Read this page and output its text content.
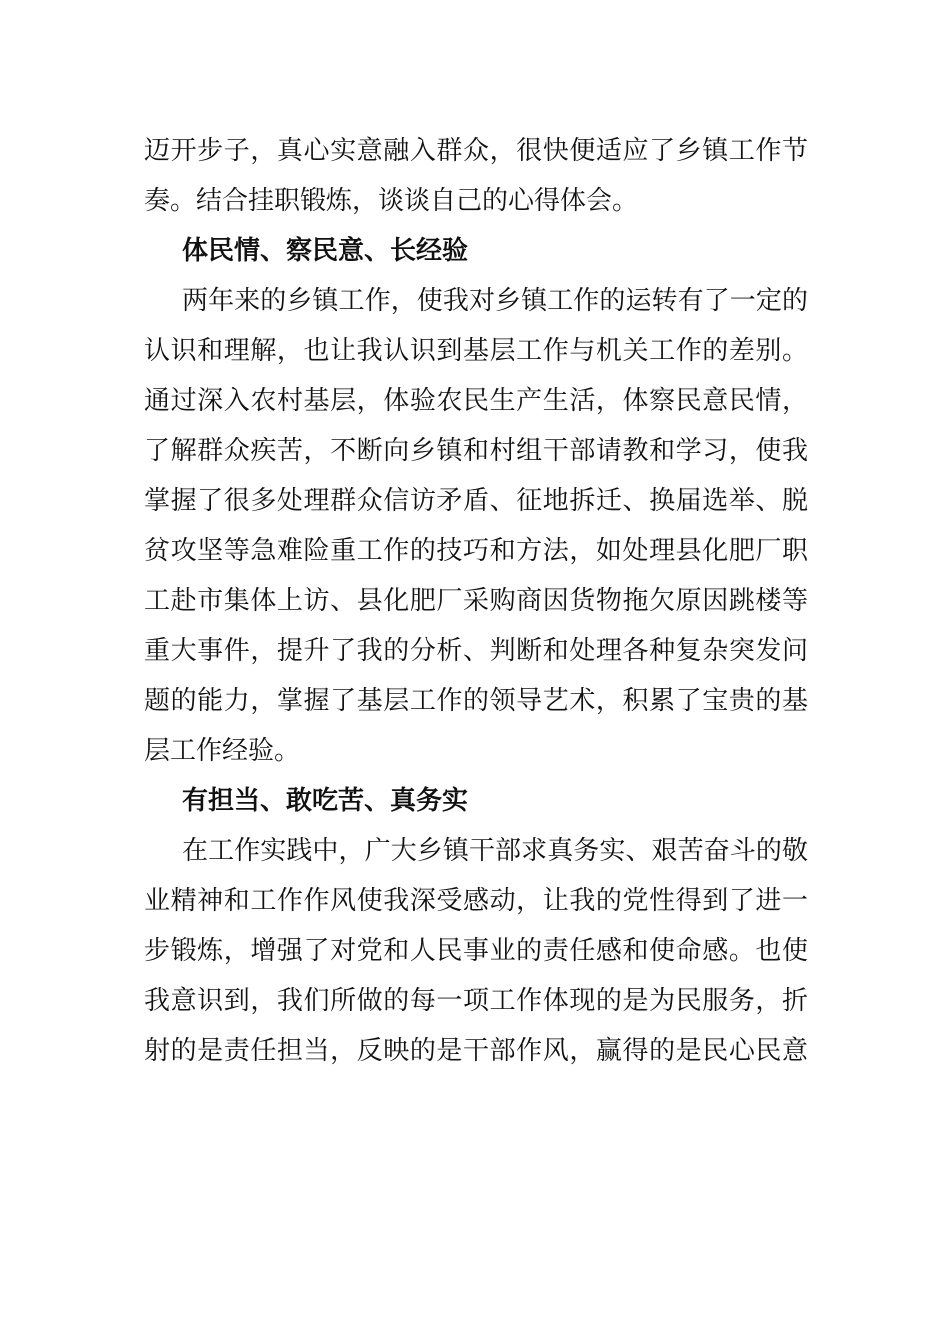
迈开步子，真心实意融入群众，很快便适应了乡镇工作节
奏。结合挂职锻炼，谈谈自己的心得体会。
体民情、察民意、长经验
两年来的乡镇工作，使我对乡镇工作的运转有了一定的
认识和理解，也让我认识到基层工作与机关工作的差别。
通过深入农村基层，体验农民生产生活，体察民意民情，
了解群众疾苦，不断向乡镇和村组干部请教和学习，使我
掌握了很多处理群众信访矛盾、征地拆迁、换届选举、脱
贫攻坚等急难险重工作的技巧和方法，如处理县化肥厂职
工赴市集体上访、县化肥厂采购商因货物拖欠原因跳楼等
重大事件，提升了我的分析、判断和处理各种复杂突发问
题的能力，掌握了基层工作的领导艺术，积累了宝贵的基
层工作经验。
有担当、敢吃苦、真务实
在工作实践中，广大乡镇干部求真务实、艰苦奋斗的敬
业精神和工作作风使我深受感动，让我的党性得到了进一
步锻炼，增强了对党和人民事业的责任感和使命感。也使
我意识到，我们所做的每一项工作体现的是为民服务，折
射的是责任担当，反映的是干部作风，赢得的是民心民意
